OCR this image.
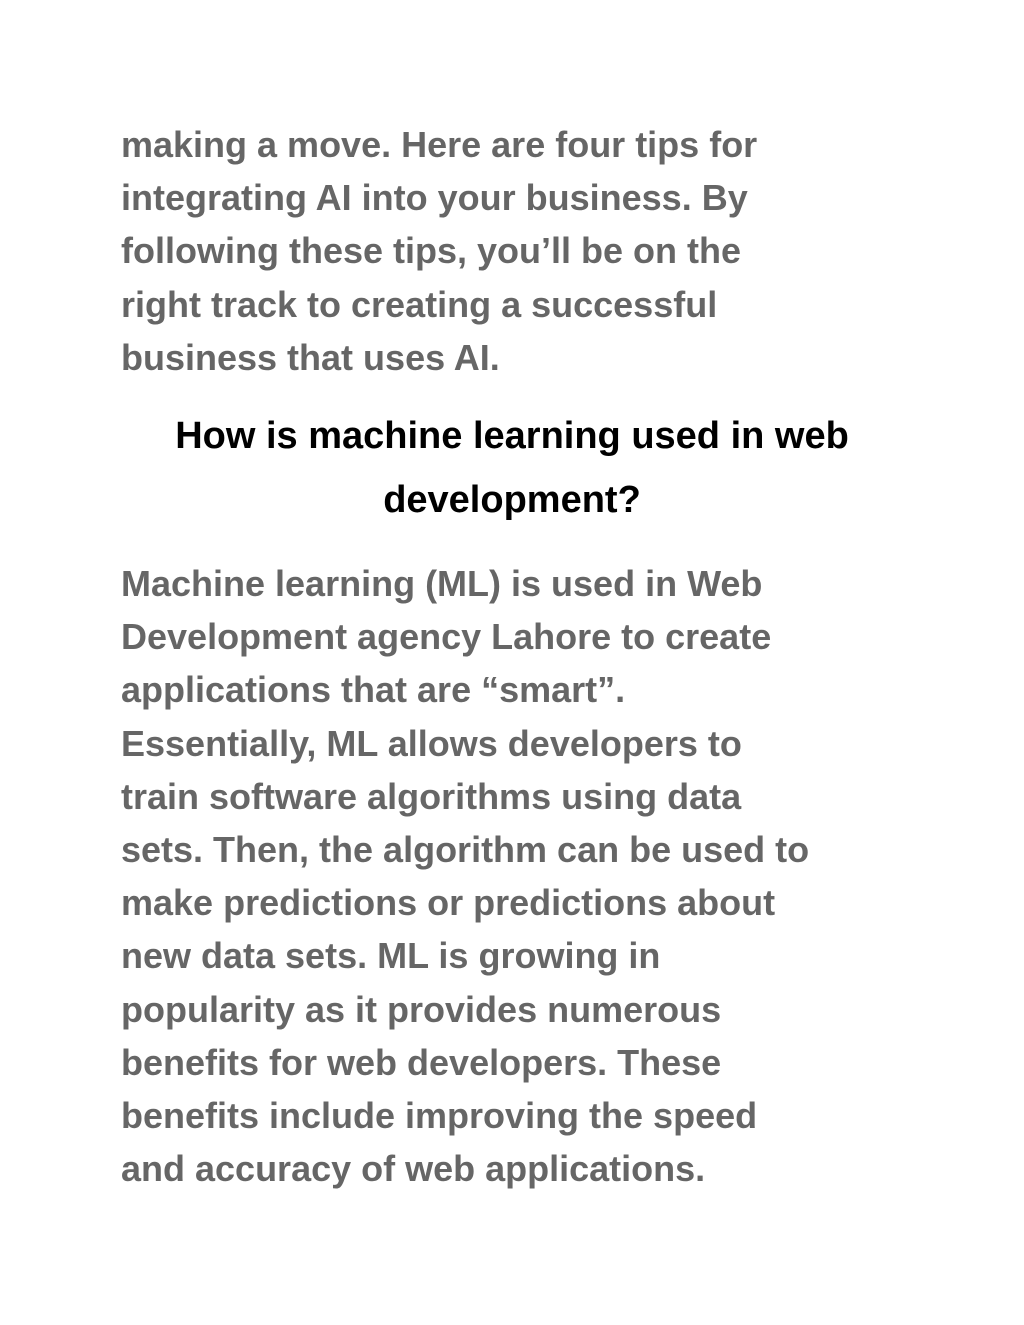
making a move. Here are four tips for
integrating AI into your business. By
following these tips, you’ll be on the
right track to creating a successful
business that uses AI.

How is machine learning used in web
development?

Machine learning (ML) is used in Web
Development agency Lahore to create
applications that are “smart”.
Essentially, ML allows developers to
train software algorithms using data
sets. Then, the algorithm can be used to
make predictions or predictions about
new data sets. ML is growing in
popularity as it provides numerous
benefits for web developers. These
benefits include improving the speed
and accuracy of web applications.
